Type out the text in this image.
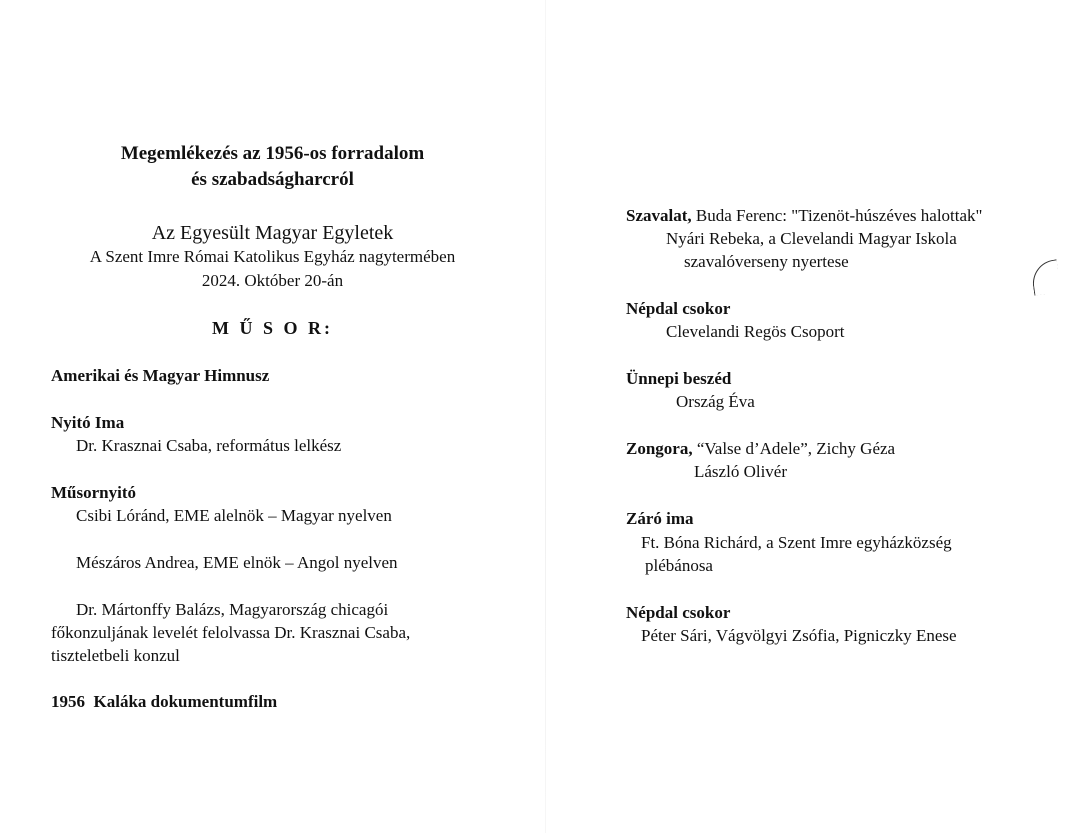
Megemlékezés az 1956-os forradalom
és szabadságharcról
Az Egyesült Magyar Egyletek
A Szent Imre Római Katolikus Egyház nagytermében
2024. Október 20-án
M Ű S O R:
Amerikai és Magyar Himnusz
Nyitó Ima
Dr. Krasznai Csaba, református lelkész
Műsornyitó
Csibi Lóránd, EME alelnök – Magyar nyelven
Mészáros Andrea, EME elnök – Angol nyelven
Dr. Mártonffy Balázs, Magyarország chicagói
főkonzuljának levelét felolvassa Dr. Krasznai Csaba,
tiszteletbeli konzul
1956  Kaláka dokumentumfilm
Szavalat, Buda Ferenc: "Tizenöt-húszéves halottak"
Nyári Rebeka, a Clevelandi Magyar Iskola
szavalóverseny nyertese
Népdal csokor
Clevelandi Regös Csoport
Ünnepi beszéd
Ország Éva
Zongora, “Valse d’Adele”, Zichy Géza
László Olivér
Záró ima
Ft. Bóna Richárd, a Szent Imre egyházközség
plébánosa
Népdal csokor
Péter Sári, Vágvölgyi Zsófia, Pigniczky Enese
